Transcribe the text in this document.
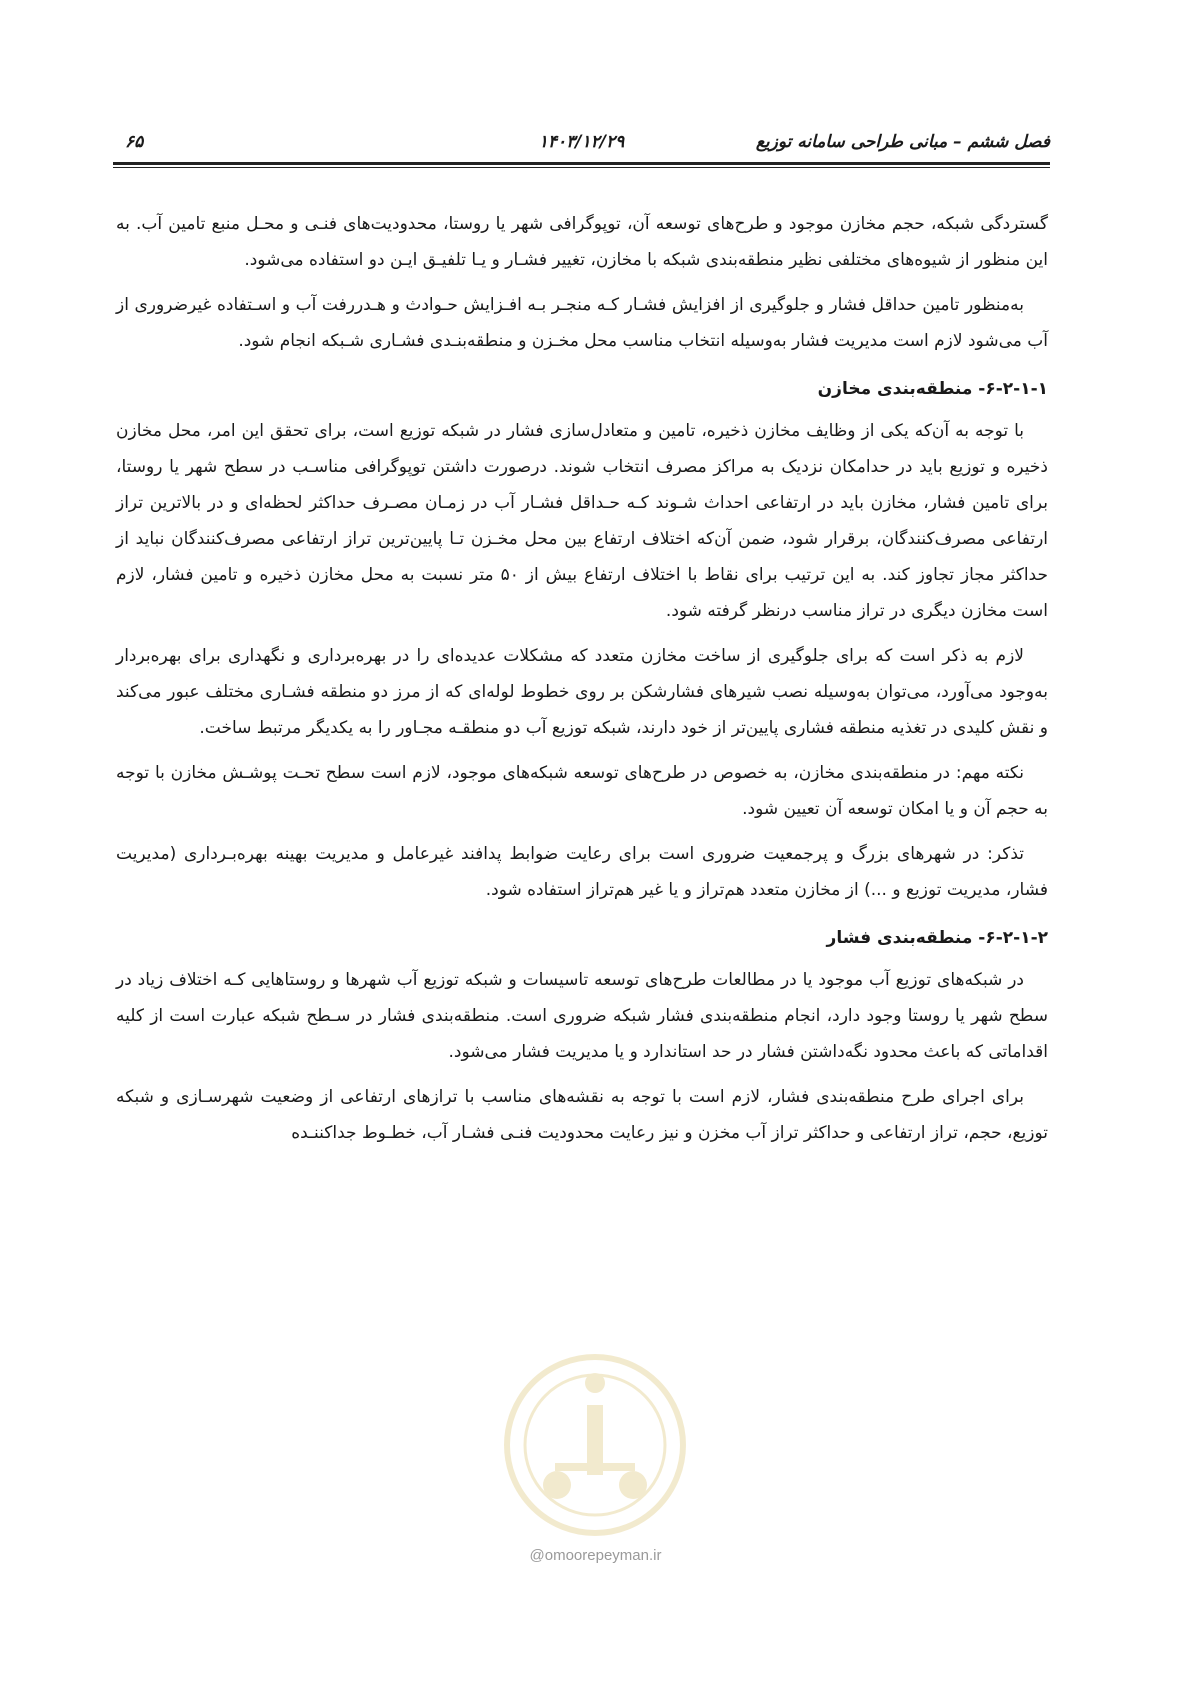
فصل ششم – مبانی طراحی سامانه توزیع
۱۴۰۳/۱۲/۲۹
۶۵

گستردگی شبکه، حجم مخازن موجود و طرح‌های توسعه آن، توپوگرافی شهر یا روستا، محدودیت‌های فنـی و محـل منبع تامین آب. به این منظور از شیوه‌های مختلفی نظیر منطقه‌بندی شبکه با مخازن، تغییر فشـار و یـا تلفیـق ایـن دو استفاده می‌شود.

به‌منظور تامین حداقل فشار و جلوگیری از افزایش فشـار کـه منجـر بـه افـزایش حـوادث و هـدررفت آب و اسـتفاده غیرضروری از آب می‌شود لازم است مدیریت فشار به‌وسیله انتخاب مناسب محل مخـزن و منطقه‌بنـدی فشـاری شـبکه انجام شود.

۶-۲-۱-۱- منطقه‌بندی مخازن

با توجه به آن‌که یکی از وظایف مخازن ذخیره، تامین و متعادل‌سازی فشار در شبکه توزیع است، برای تحقق این امر، محل مخازن ذخیره و توزیع باید در حدامکان نزدیک به مراکز مصرف انتخاب شوند. درصورت داشتن توپوگرافی مناسـب در سطح شهر یا روستا، برای تامین فشار، مخازن باید در ارتفاعی احداث شـوند کـه حـداقل فشـار آب در زمـان مصـرف حداکثر لحظه‌ای و در بالاترین تراز ارتفاعی مصرف‌کنندگان، برقرار شود، ضمن آن‌که اختلاف ارتفاع بین محل مخـزن تـا پایین‌ترین تراز ارتفاعی مصرف‌کنندگان نباید از حداکثر مجاز تجاوز کند. به این ترتیب برای نقاط با اختلاف ارتفاع بیش از ۵۰ متر نسبت به محل مخازن ذخیره و تامین فشار، لازم است مخازن دیگری در تراز مناسب درنظر گرفته شود.

لازم به ذکر است که برای جلوگیری از ساخت مخازن متعدد که مشکلات عدیده‌ای را در بهره‌برداری و نگهداری برای بهره‌بردار به‌وجود می‌آورد، می‌توان به‌وسیله نصب شیرهای فشارشکن بر روی خطوط لوله‌ای که از مرز دو منطقه فشـاری مختلف عبور می‌کند و نقش کلیدی در تغذیه منطقه فشاری پایین‌تر از خود دارند، شبکه توزیع آب دو منطقـه مجـاور را به یکدیگر مرتبط ساخت.

نکته مهم: در منطقه‌بندی مخازن، به خصوص در طرح‌های توسعه شبکه‌های موجود، لازم است سطح تحـت پوشـش مخازن با توجه به حجم آن و یا امکان توسعه آن تعیین شود.

تذکر: در شهرهای بزرگ و پرجمعیت ضروری است برای رعایت ضوابط پدافند غیرعامل و مدیریت بهینه بهره‌بـرداری (مدیریت فشار، مدیریت توزیع و ...) از مخازن متعدد هم‌تراز و یا غیر هم‌تراز استفاده شود.

۶-۲-۱-۲- منطقه‌بندی فشار

در شبکه‌های توزیع آب موجود یا در مطالعات طرح‌های توسعه تاسیسات و شبکه توزیع آب شهرها و روستاهایی کـه اختلاف زیاد در سطح شهر یا روستا وجود دارد، انجام منطقه‌بندی فشار شبکه ضروری است. منطقه‌بندی فشار در سـطح شبکه عبارت است از کلیه اقداماتی که باعث محدود نگه‌داشتن فشار در حد استاندارد و یا مدیریت فشار می‌شود.

برای اجرای طرح منطقه‌بندی فشار، لازم است با توجه به نقشه‌های مناسب با ترازهای ارتفاعی از وضعیت شهرسـازی و شبکه توزیع، حجم، تراز ارتفاعی و حداکثر تراز آب مخزن و نیز رعایت محدودیت فنـی فشـار آب، خطـوط جداکننـده

@omoorepeyman.ir
